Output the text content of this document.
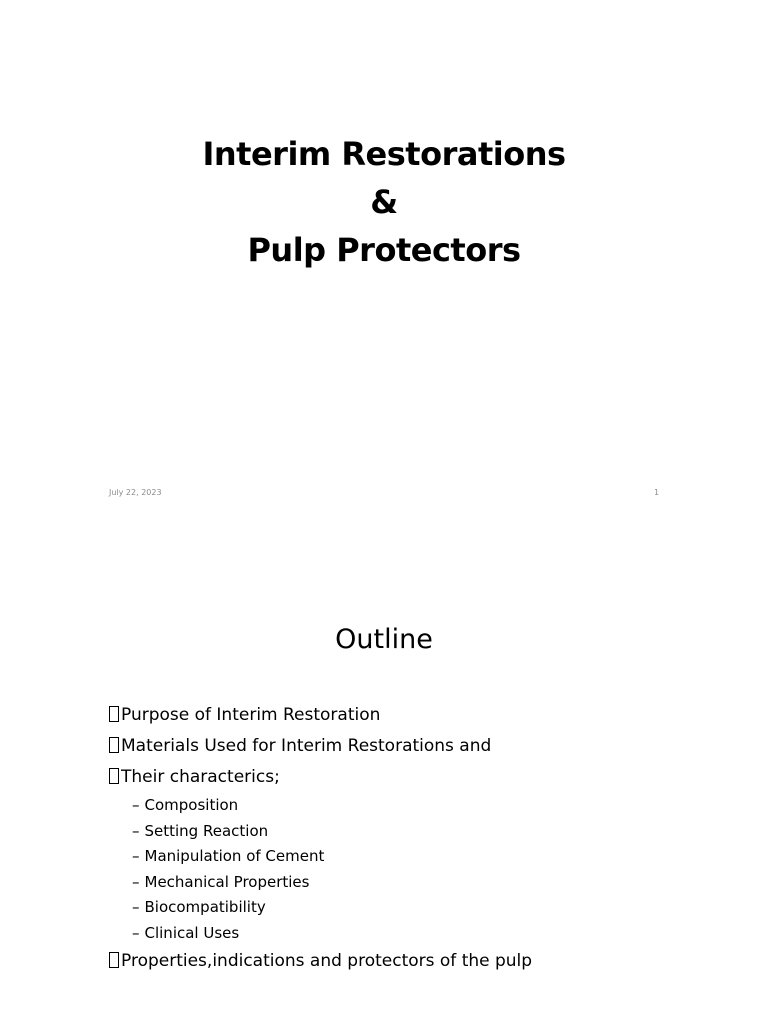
Interim Restorations
&
Pulp Protectors
July 22, 2023	1
Outline
Purpose of Interim Restoration
Materials Used for Interim Restorations and
Their characterics;
– Composition
– Setting Reaction
– Manipulation of Cement
– Mechanical Properties
– Biocompatibility
– Clinical Uses
Properties,indications and protectors of the pulp
